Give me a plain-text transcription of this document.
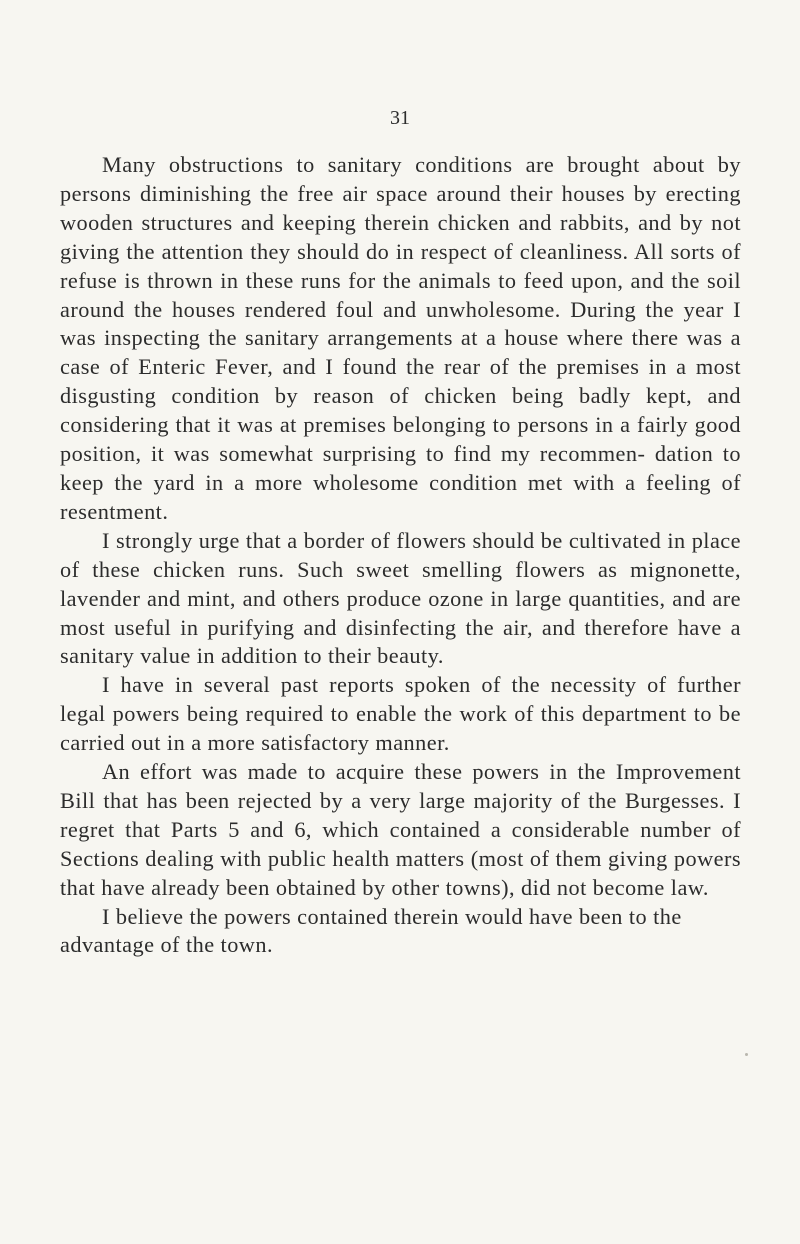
31

Many obstructions to sanitary conditions are brought about by persons diminishing the free air space around their houses by erecting wooden structures and keeping therein chicken and rabbits, and by not giving the attention they should do in respect of cleanliness. All sorts of refuse is thrown in these runs for the animals to feed upon, and the soil around the houses rendered foul and unwholesome. During the year I was inspecting the sanitary arrangements at a house where there was a case of Enteric Fever, and I found the rear of the premises in a most disgusting condition by reason of chicken being badly kept, and considering that it was at premises belonging to persons in a fairly good position, it was somewhat surprising to find my recommen- dation to keep the yard in a more wholesome condition met with a feeling of resentment.

I strongly urge that a border of flowers should be cultivated in place of these chicken runs. Such sweet smelling flowers as mignonette, lavender and mint, and others produce ozone in large quantities, and are most useful in purifying and disinfecting the air, and therefore have a sanitary value in addition to their beauty.

I have in several past reports spoken of the necessity of further legal powers being required to enable the work of this department to be carried out in a more satisfactory manner.

An effort was made to acquire these powers in the Improvement Bill that has been rejected by a very large majority of the Burgesses. I regret that Parts 5 and 6, which contained a considerable number of Sections dealing with public health matters (most of them giving powers that have already been obtained by other towns), did not become law.

I believe the powers contained therein would have been to the advantage of the town.
